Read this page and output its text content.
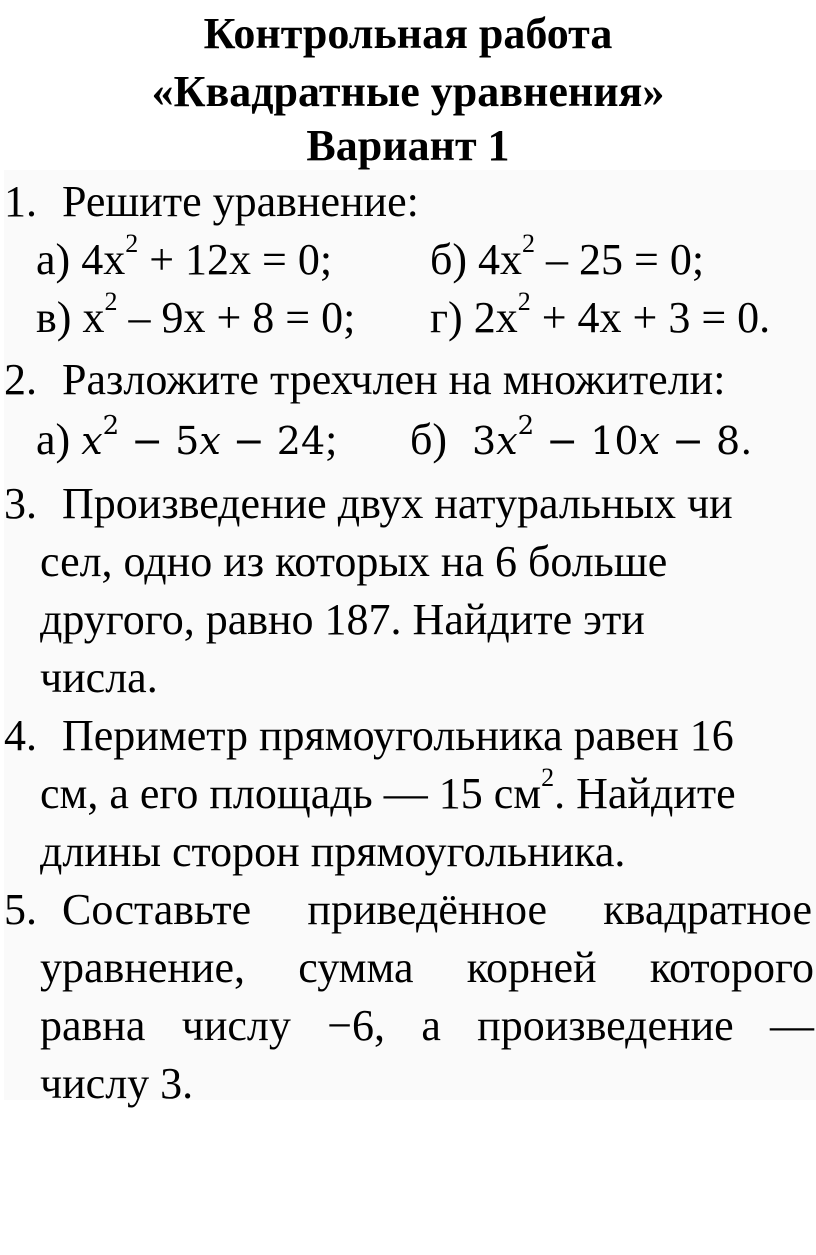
Контрольная работа
«Квадратные уравнения»
Вариант 1
1. Решите уравнение:
а) $4x^2 + 12x = 0$; б) $4x^2 - 25 = 0$;
в) $x^2 - 9x + 8 = 0$; г) $2x^2 + 4x + 3 = 0$.
2. Разложите трехчлен на множители:
а) $x^2 - 5x - 24$; б) $3x^2 - 10x - 8$.
3. Произведение двух натуральных чи
сел, одно из которых на 6 больше
другого, равно 187. Найдите эти
числа.
4. Периметр прямоугольника равен 16
см, а его площадь — 15 $см^2$. Найдите
длины сторон прямоугольника.
5. Составьте приведённое квадратное
уравнение, сумма корней которого
равна числу −6, а произведение —
числу 3.
